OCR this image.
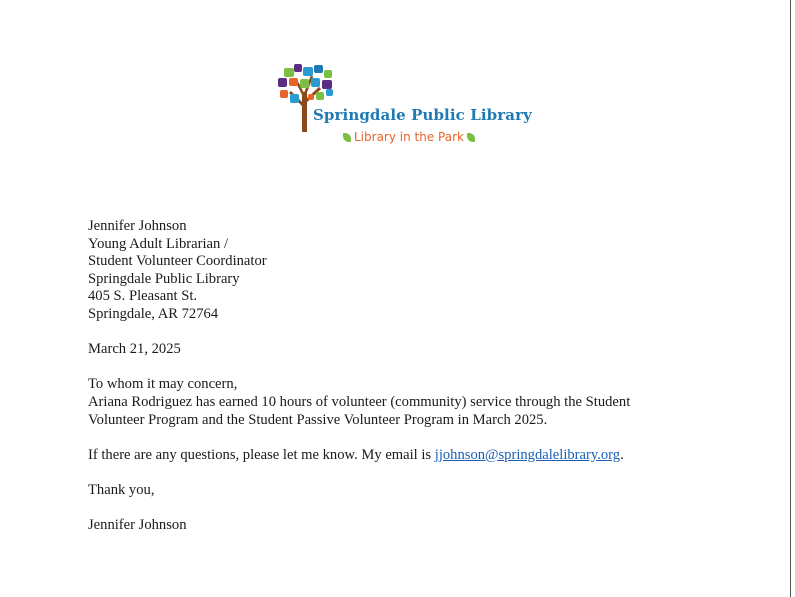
Springdale Public Library
Library in the Park

Jennifer Johnson

Young Adult Librarian /

Student Volunteer Coordinator

Springdale Public Library

405 S. Pleasant St.

Springdale, AR 72764

March 21, 2025

To whom it may concern,

Ariana Rodriguez has earned 10 hours of volunteer (community) service through the Student

Volunteer Program and the Student Passive Volunteer Program in March 2025.

If there are any questions, please let me know. My email is jjohnson@springdalelibrary.org.

Thank you,

Jennifer Johnson
